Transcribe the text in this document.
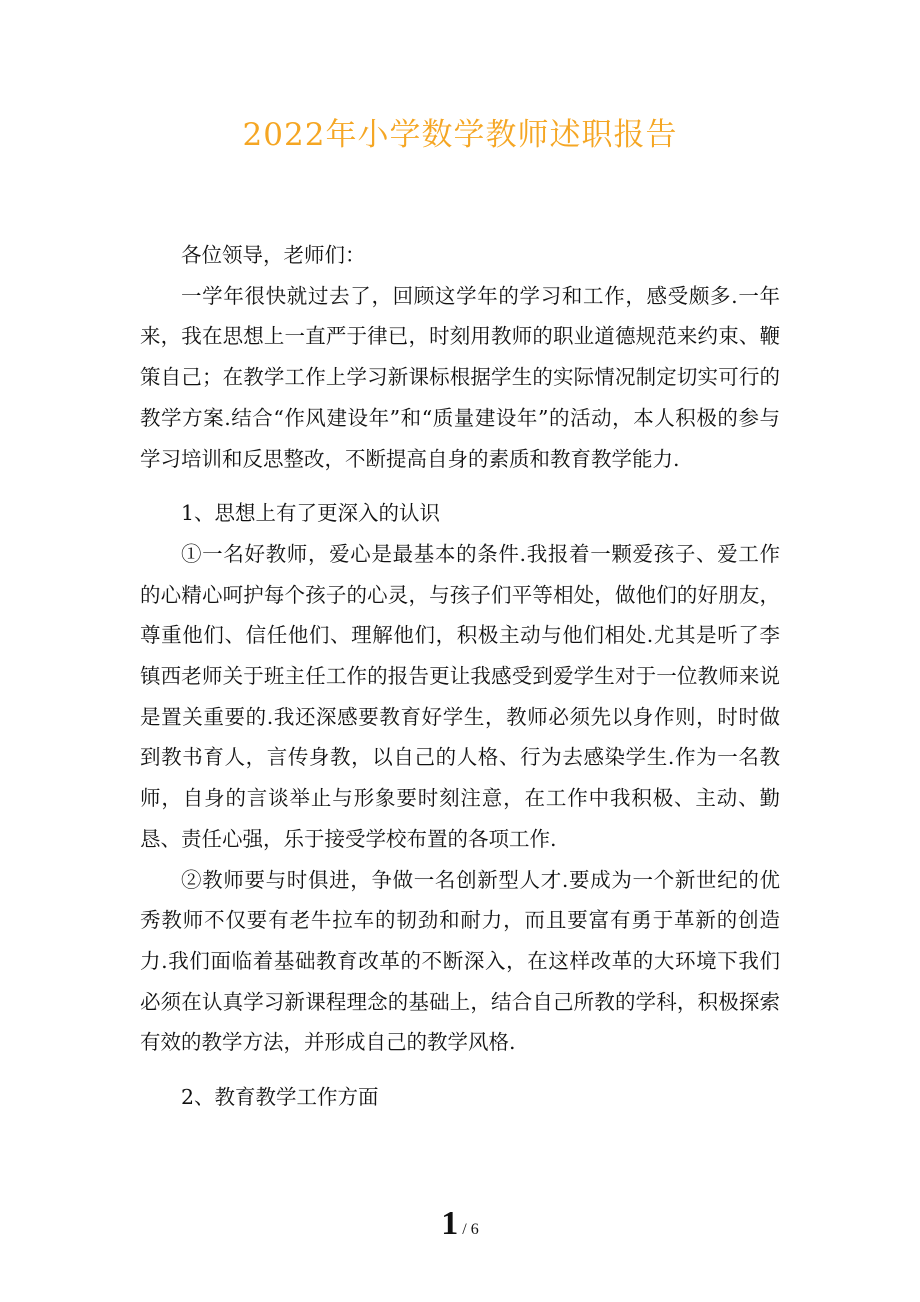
2022年小学数学教师述职报告

各位领导，老师们：

一学年很快就过去了，回顾这学年的学习和工作，感受颇多.一年来，我在思想上一直严于律已，时刻用教师的职业道德规范来约束、鞭策自己；在教学工作上学习新课标根据学生的实际情况制定切实可行的教学方案.结合“作风建设年”和“质量建设年”的活动，本人积极的参与学习培训和反思整改，不断提高自身的素质和教育教学能力.

1、思想上有了更深入的认识

①一名好教师，爱心是最基本的条件.我报着一颗爱孩子、爱工作的心精心呵护每个孩子的心灵，与孩子们平等相处，做他们的好朋友，尊重他们、信任他们、理解他们，积极主动与他们相处.尤其是听了李镇西老师关于班主任工作的报告更让我感受到爱学生对于一位教师来说是置关重要的.我还深感要教育好学生，教师必须先以身作则，时时做到教书育人，言传身教，以自己的人格、行为去感染学生.作为一名教师，自身的言谈举止与形象要时刻注意，在工作中我积极、主动、勤恳、责任心强，乐于接受学校布置的各项工作.

②教师要与时俱进，争做一名创新型人才.要成为一个新世纪的优秀教师不仅要有老牛拉车的韧劲和耐力，而且要富有勇于革新的创造力.我们面临着基础教育改革的不断深入，在这样改革的大环境下我们必须在认真学习新课程理念的基础上，结合自己所教的学科，积极探索有效的教学方法，并形成自己的教学风格.

2、教育教学工作方面

1 / 6
